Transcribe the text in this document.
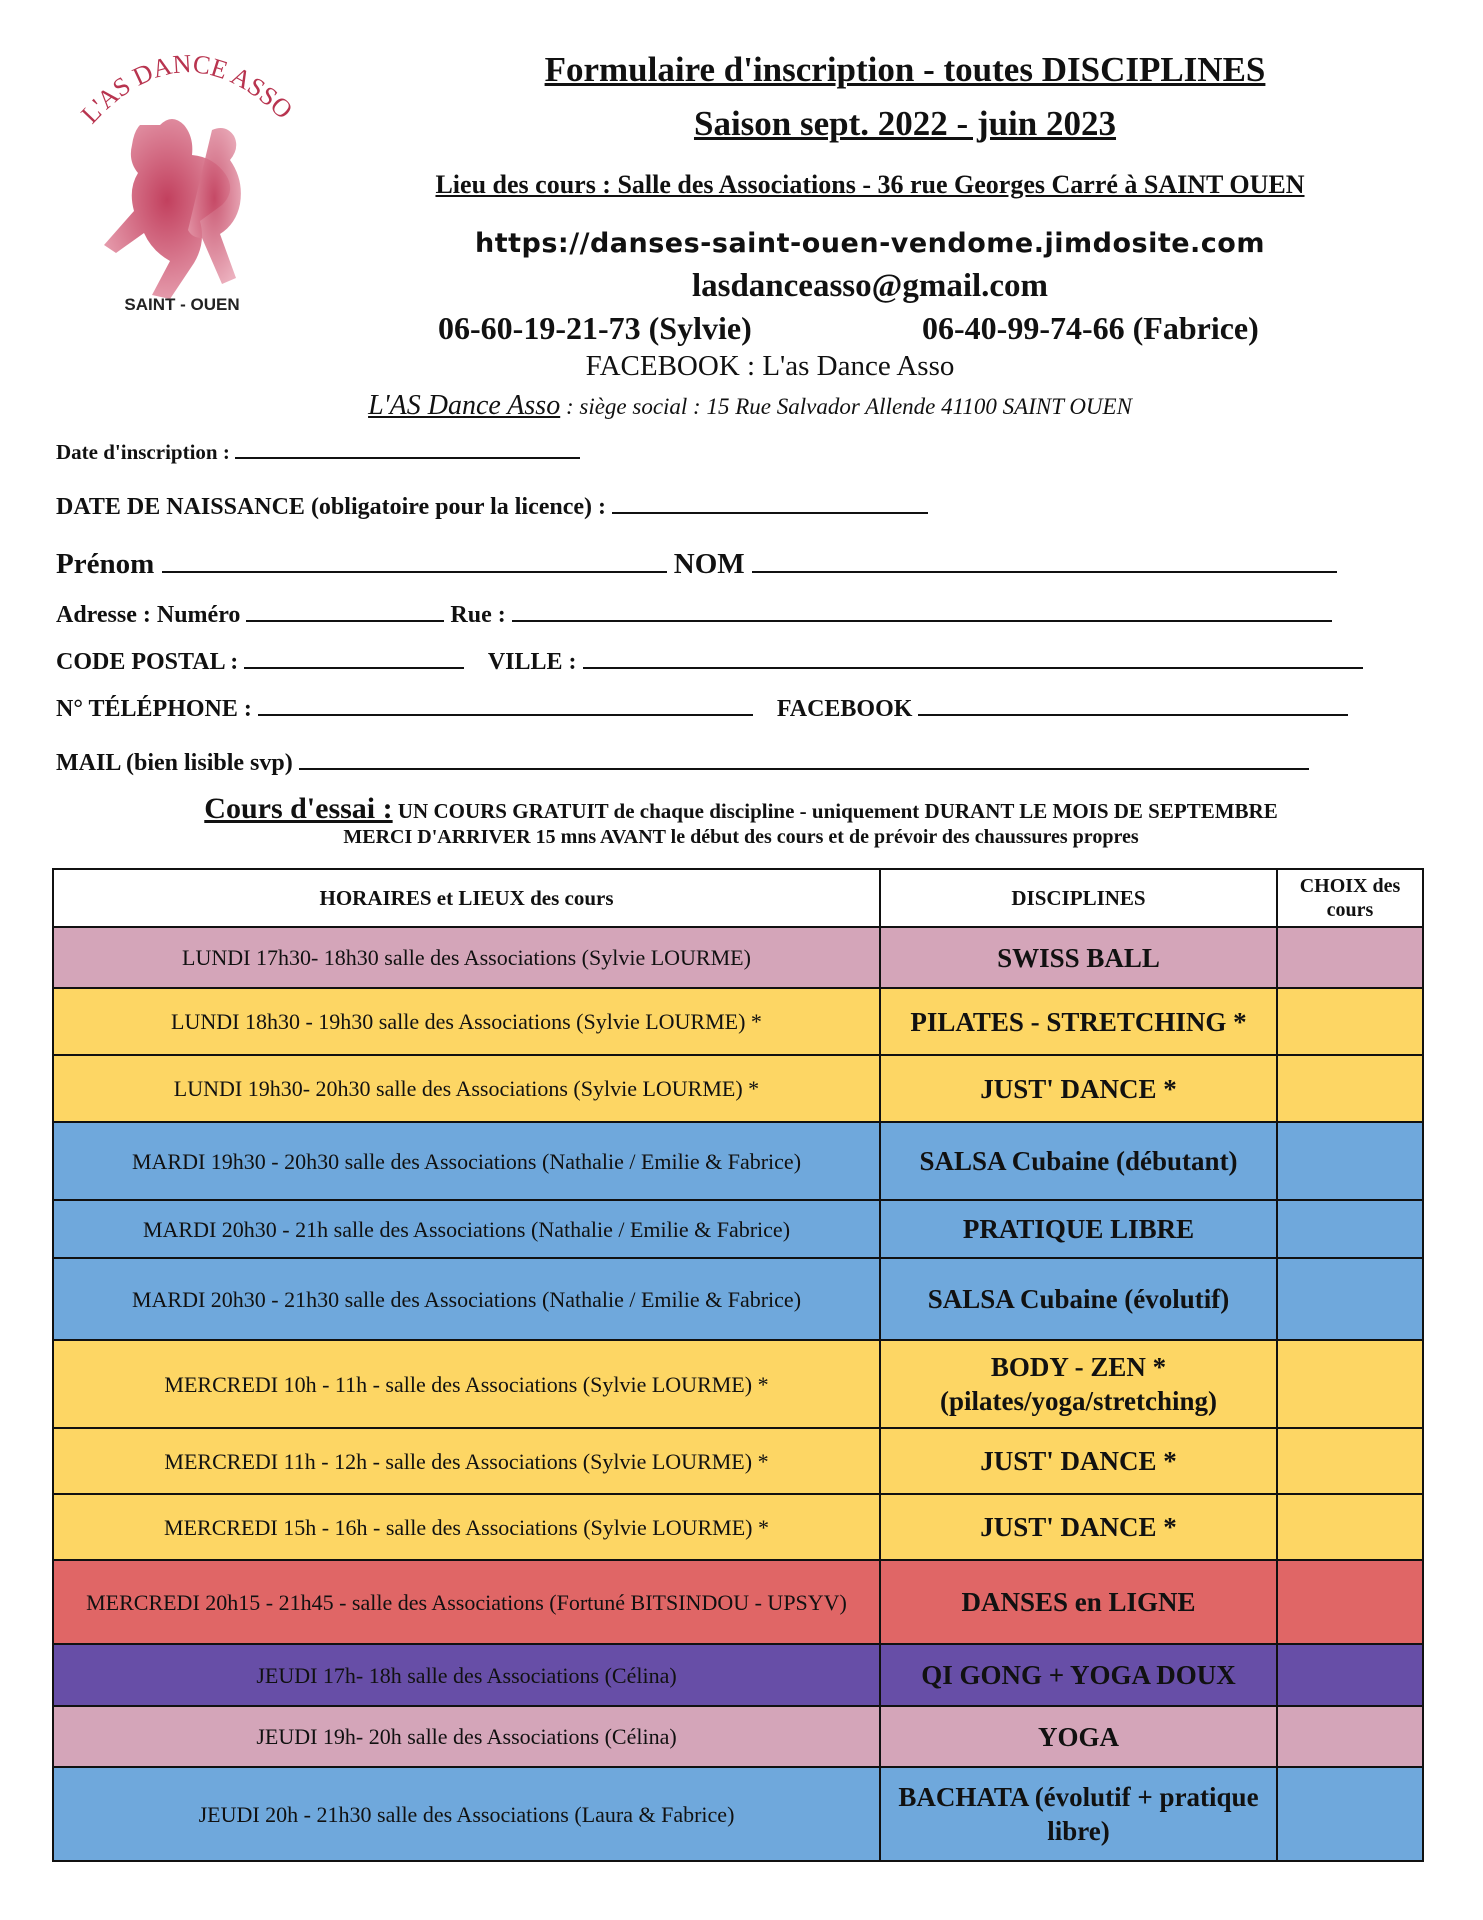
L'AS DANCE ASSO
SAINT - OUEN
Formulaire d'inscription - toutes DISCIPLINES
Saison sept. 2022 - juin 2023
Lieu des cours : Salle des Associations - 36 rue Georges Carré à SAINT OUEN
https://danses-saint-ouen-vendome.jimdosite.com
lasdanceasso@gmail.com
06-60-19-21-73 (Sylvie)	06-40-99-74-66 (Fabrice)
FACEBOOK : L'as Dance Asso
L'AS Dance Asso : siège social : 15 Rue Salvador Allende 41100 SAINT OUEN
Date d'inscription :
DATE DE NAISSANCE (obligatoire pour la licence) :
Prénom	NOM
Adresse : Numéro	Rue :
CODE POSTAL :	VILLE :
N° TÉLÉPHONE :	FACEBOOK
MAIL (bien lisible svp)
Cours d'essai : UN COURS GRATUIT de chaque discipline - uniquement DURANT LE MOIS DE SEPTEMBRE
MERCI D'ARRIVER 15 mns AVANT le début des cours et de prévoir des chaussures propres
HORAIRES et LIEUX des cours	DISCIPLINES	CHOIX des cours
LUNDI 17h30- 18h30 salle des Associations (Sylvie LOURME)	SWISS BALL	
LUNDI 18h30 - 19h30 salle des Associations (Sylvie LOURME) *	PILATES - STRETCHING *	
LUNDI 19h30- 20h30 salle des Associations (Sylvie LOURME) *	JUST' DANCE *	
MARDI 19h30 - 20h30 salle des Associations (Nathalie / Emilie & Fabrice)	SALSA Cubaine (débutant)	
MARDI 20h30 - 21h salle des Associations (Nathalie / Emilie & Fabrice)	PRATIQUE LIBRE	
MARDI 20h30 - 21h30 salle des Associations (Nathalie / Emilie & Fabrice)	SALSA Cubaine (évolutif)	
MERCREDI 10h - 11h - salle des Associations (Sylvie LOURME) *	BODY - ZEN * (pilates/yoga/stretching)	
MERCREDI 11h - 12h - salle des Associations (Sylvie LOURME) *	JUST' DANCE *	
MERCREDI 15h - 16h - salle des Associations (Sylvie LOURME) *	JUST' DANCE *	
MERCREDI 20h15 - 21h45 - salle des Associations (Fortuné BITSINDOU - UPSYV)	DANSES en LIGNE	
JEUDI 17h- 18h salle des Associations (Célina)	QI GONG + YOGA DOUX	
JEUDI 19h- 20h salle des Associations (Célina)	YOGA	
JEUDI 20h - 21h30 salle des Associations (Laura & Fabrice)	BACHATA (évolutif + pratique libre)	
